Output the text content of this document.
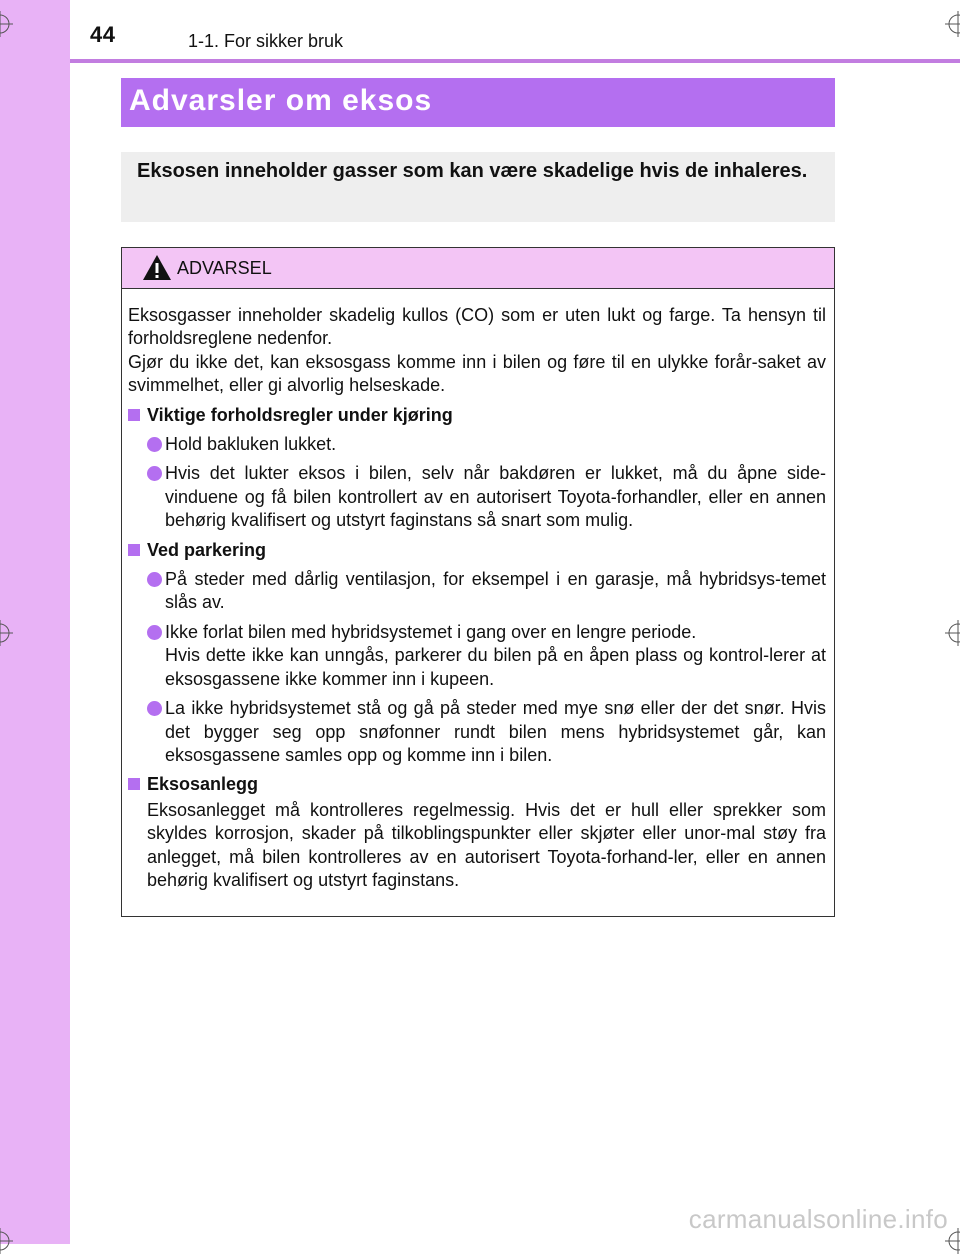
44	1-1. For sikker bruk
Advarsler om eksos
Eksosen inneholder gasser som kan være skadelige hvis de inhaleres.
ADVARSEL

Eksosgasser inneholder skadelig kullos (CO) som er uten lukt og farge. Ta hensyn til forholdsreglene nedenfor.

Gjør du ikke det, kan eksosgass komme inn i bilen og føre til en ulykke forår-saket av svimmelhet, eller gi alvorlig helseskade.

Viktige forholdsregler under kjøring
Hold bakluken lukket.
Hvis det lukter eksos i bilen, selv når bakdøren er lukket, må du åpne side-vinduene og få bilen kontrollert av en autorisert Toyota-forhandler, eller en annen behørig kvalifisert og utstyrt faginstans så snart som mulig.
Ved parkering
På steder med dårlig ventilasjon, for eksempel i en garasje, må hybridsys-temet slås av.
Ikke forlat bilen med hybridsystemet i gang over en lengre periode.
Hvis dette ikke kan unngås, parkerer du bilen på en åpen plass og kontrol-lerer at eksosgassene ikke kommer inn i kupeen.
La ikke hybridsystemet stå og gå på steder med mye snø eller der det snør. Hvis det bygger seg opp snøfonner rundt bilen mens hybridsystemet går, kan eksosgassene samles opp og komme inn i bilen.
Eksosanlegg

Eksosanlegget må kontrolleres regelmessig. Hvis det er hull eller sprekker som skyldes korrosjon, skader på tilkoblingspunkter eller skjøter eller unor-mal støy fra anlegget, må bilen kontrolleres av en autorisert Toyota-forhand-ler, eller en annen behørig kvalifisert og utstyrt faginstans.

carmanualsonline.info
